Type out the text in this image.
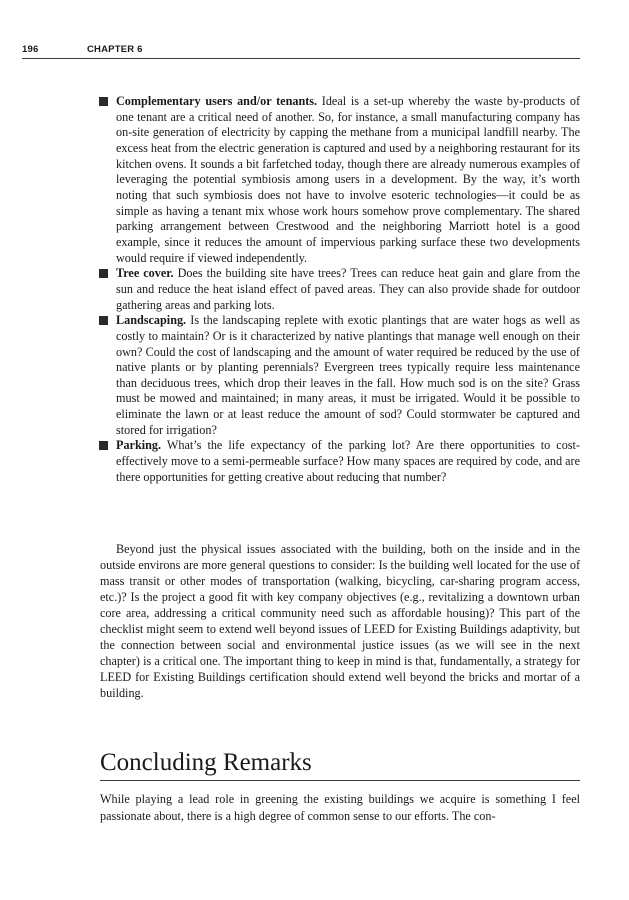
196	CHAPTER 6
Complementary users and/or tenants. Ideal is a set-up whereby the waste by-products of one tenant are a critical need of another. So, for instance, a small manufacturing company has on-site generation of electricity by capping the methane from a municipal landfill nearby. The excess heat from the electric generation is captured and used by a neighboring restaurant for its kitchen ovens. It sounds a bit farfetched today, though there are already numerous examples of leveraging the potential symbiosis among users in a development. By the way, it’s worth noting that such symbiosis does not have to involve esoteric technologies—it could be as simple as having a tenant mix whose work hours somehow prove complementary. The shared parking arrangement between Crestwood and the neighboring Marriott hotel is a good example, since it reduces the amount of impervious parking surface these two developments would require if viewed independently.
Tree cover. Does the building site have trees? Trees can reduce heat gain and glare from the sun and reduce the heat island effect of paved areas. They can also provide shade for outdoor gathering areas and parking lots.
Landscaping. Is the landscaping replete with exotic plantings that are water hogs as well as costly to maintain? Or is it characterized by native plantings that manage well enough on their own? Could the cost of landscaping and the amount of water required be reduced by the use of native plants or by planting perennials? Evergreen trees typically require less maintenance than deciduous trees, which drop their leaves in the fall. How much sod is on the site? Grass must be mowed and maintained; in many areas, it must be irrigated. Would it be possible to eliminate the lawn or at least reduce the amount of sod? Could stormwater be captured and stored for irrigation?
Parking. What’s the life expectancy of the parking lot? Are there opportunities to cost-effectively move to a semi-permeable surface? How many spaces are required by code, and are there opportunities for getting creative about reducing that number?

Beyond just the physical issues associated with the building, both on the inside and in the outside environs are more general questions to consider: Is the building well located for the use of mass transit or other modes of transportation (walking, bicycling, car-sharing program access, etc.)? Is the project a good fit with key company objectives (e.g., revitalizing a downtown urban core area, addressing a critical community need such as affordable housing)? This part of the checklist might seem to extend well beyond issues of LEED for Existing Buildings adaptivity, but the connection between social and environmental justice issues (as we will see in the next chapter) is a critical one. The important thing to keep in mind is that, fundamentally, a strategy for LEED for Existing Buildings certification should extend well beyond the bricks and mortar of a building.

Concluding Remarks

While playing a lead role in greening the existing buildings we acquire is something I feel passionate about, there is a high degree of common sense to our efforts. The con-
